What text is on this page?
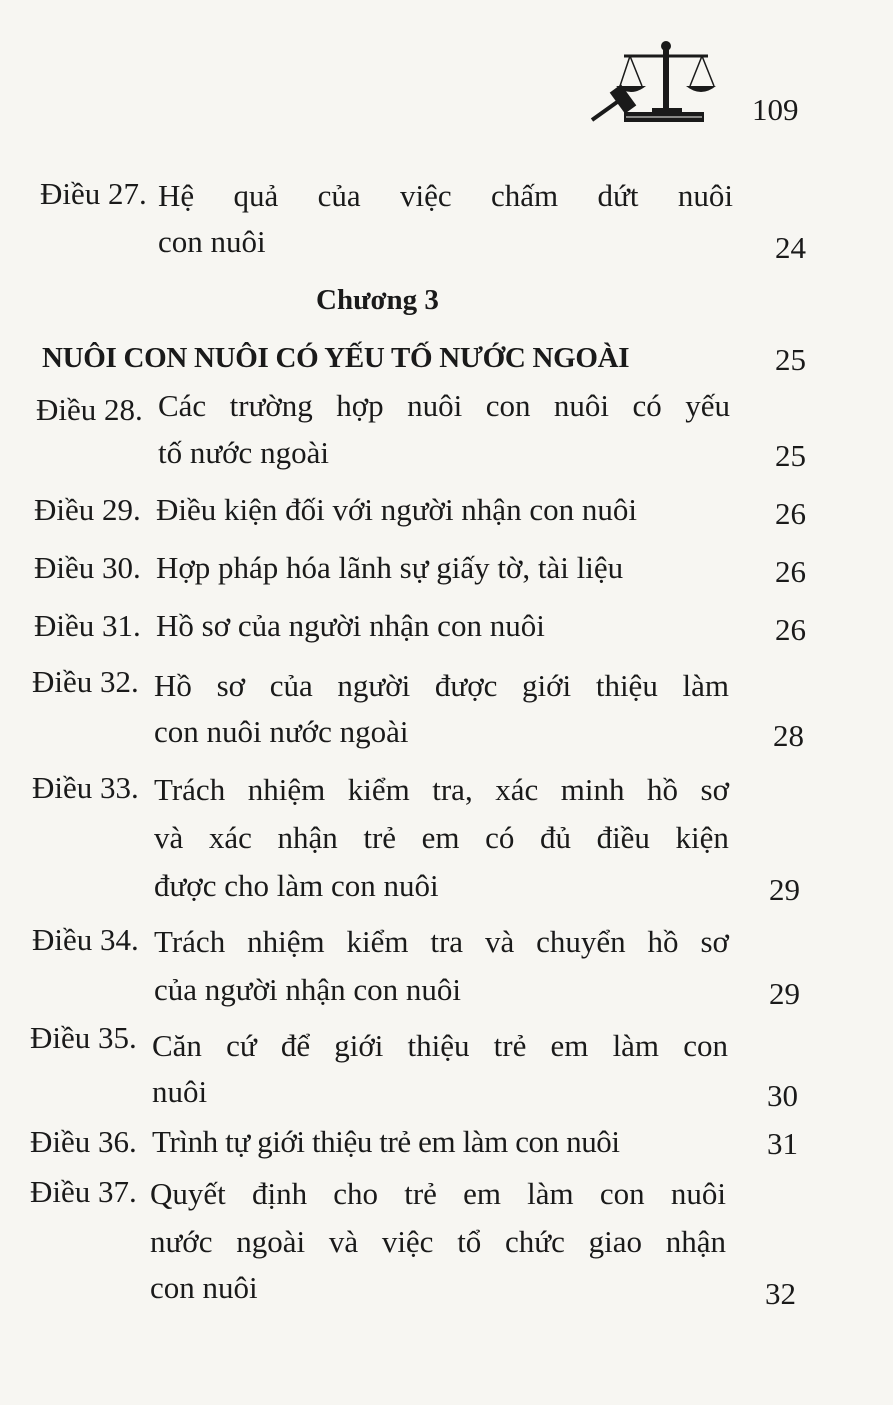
109
Điều 27. Hệ quả của việc chấm dứt nuôi
con nuôi	24
Chương 3
NUÔI CON NUÔI CÓ YẾU TỐ NƯỚC NGOÀI	25
Điều 28. Các trường hợp nuôi con nuôi có yếu
tố nước ngoài	25
Điều 29. Điều kiện đối với người nhận con nuôi	26
Điều 30. Hợp pháp hóa lãnh sự giấy tờ, tài liệu	26
Điều 31. Hồ sơ của người nhận con nuôi	26
Điều 32. Hồ sơ của người được giới thiệu làm
con nuôi nước ngoài	28
Điều 33. Trách nhiệm kiểm tra, xác minh hồ sơ
và xác nhận trẻ em có đủ điều kiện
được cho làm con nuôi	29
Điều 34. Trách nhiệm kiểm tra và chuyển hồ sơ
của người nhận con nuôi	29
Điều 35. Căn cứ để giới thiệu trẻ em làm con
nuôi	30
Điều 36. Trình tự giới thiệu trẻ em làm con nuôi	31
Điều 37. Quyết định cho trẻ em làm con nuôi
nước ngoài và việc tổ chức giao nhận
con nuôi	32
